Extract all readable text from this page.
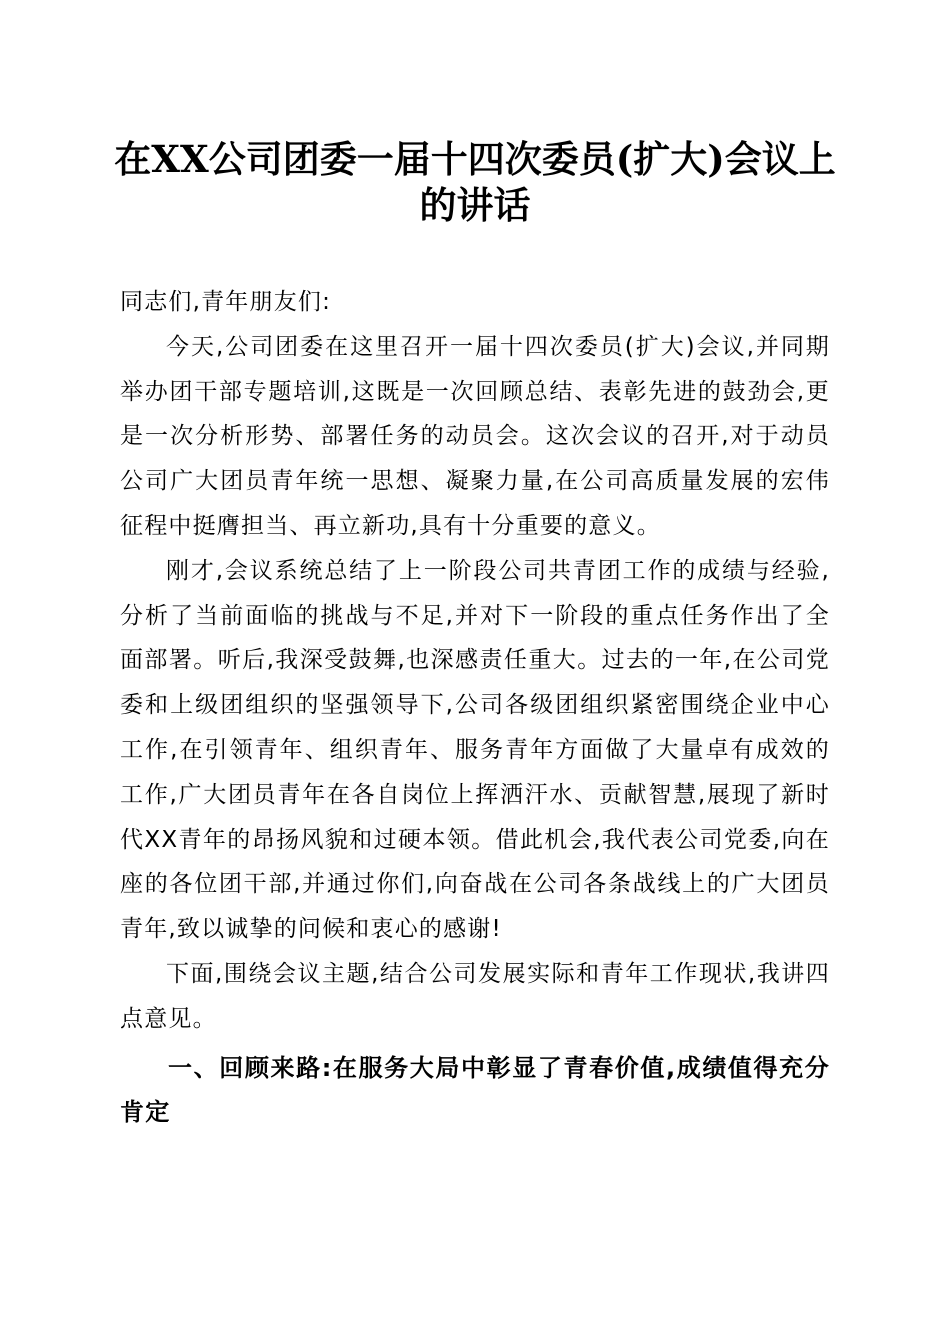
在XX公司团委一届十四次委员(扩大)会议上的讲话

同志们,青年朋友们:

今天,公司团委在这里召开一届十四次委员(扩大)会议,并同期举办团干部专题培训,这既是一次回顾总结、表彰先进的鼓劲会,更是一次分析形势、部署任务的动员会。这次会议的召开,对于动员公司广大团员青年统一思想、凝聚力量,在公司高质量发展的宏伟征程中挺膺担当、再立新功,具有十分重要的意义。

刚才,会议系统总结了上一阶段公司共青团工作的成绩与经验,分析了当前面临的挑战与不足,并对下一阶段的重点任务作出了全面部署。听后,我深受鼓舞,也深感责任重大。过去的一年,在公司党委和上级团组织的坚强领导下,公司各级团组织紧密围绕企业中心工作,在引领青年、组织青年、服务青年方面做了大量卓有成效的工作,广大团员青年在各自岗位上挥洒汗水、贡献智慧,展现了新时代XX青年的昂扬风貌和过硬本领。借此机会,我代表公司党委,向在座的各位团干部,并通过你们,向奋战在公司各条战线上的广大团员青年,致以诚挚的问候和衷心的感谢!

下面,围绕会议主题,结合公司发展实际和青年工作现状,我讲四点意见。

一、回顾来路:在服务大局中彰显了青春价值,成绩值得充分肯定
